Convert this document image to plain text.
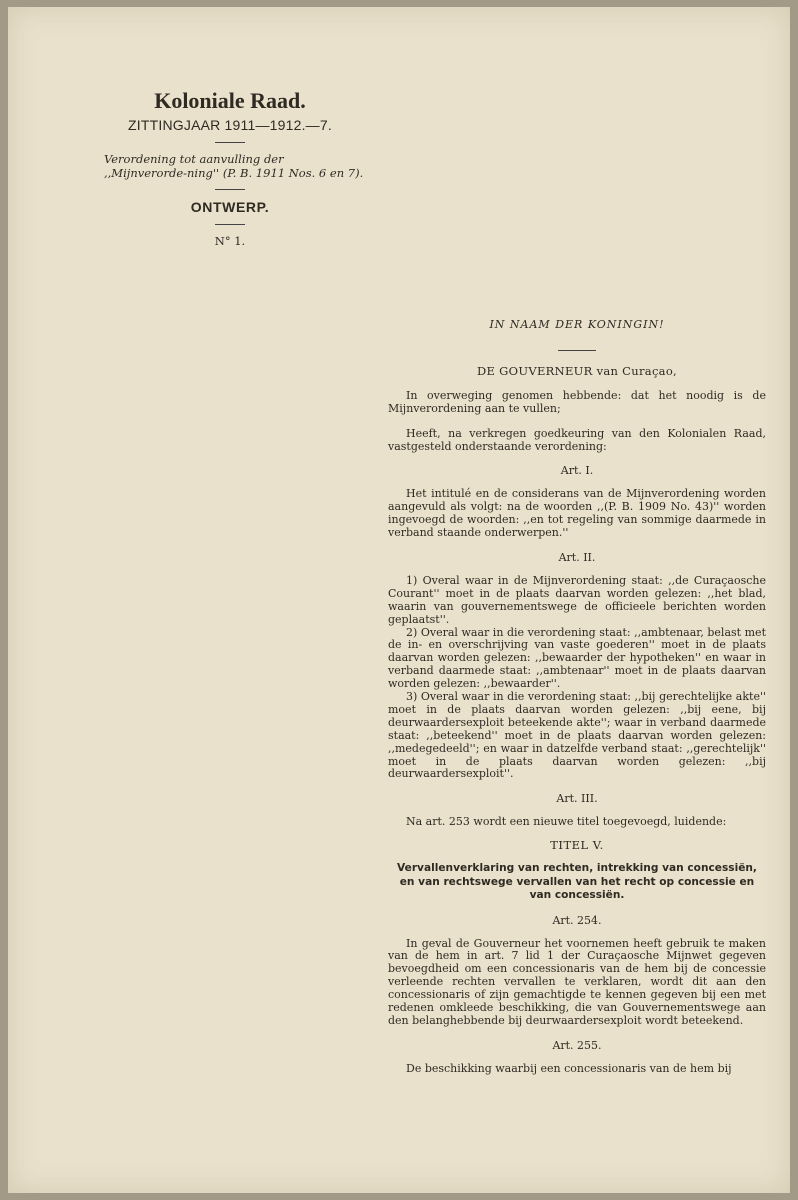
Koloniale Raad.
ZITTINGJAAR 1911—1912.—7.
Verordening tot aanvulling der ,,Mijnverorde-ning'' (P. B. 1911 Nos. 6 en 7).
ONTWERP.
N° 1.
IN NAAM DER KONINGIN!
DE GOUVERNEUR van Curaçao,

In overweging genomen hebbende: dat het noodig is de Mijnverordening aan te vullen;

Heeft, na verkregen goedkeuring van den Kolonialen Raad, vastgesteld onderstaande verordening:

Art. I.

Het intitulé en de considerans van de Mijnverordening worden aangevuld als volgt: na de woorden ,,(P. B. 1909 No. 43)'' worden ingevoegd de woorden: ,,en tot regeling van sommige daarmede in verband staande onderwerpen.''

Art. II.

1) Overal waar in de Mijnverordening staat: ,,de Curaçaosche Courant'' moet in de plaats daarvan worden gelezen: ,,het blad, waarin van gouvernementswege de officieele berichten worden geplaatst''.

2) Overal waar in die verordening staat: ,,ambtenaar, belast met de in- en overschrijving van vaste goederen'' moet in de plaats daarvan worden gelezen: ,,bewaarder der hypotheken'' en waar in verband daarmede staat: ,,ambtenaar'' moet in de plaats daarvan worden gelezen: ,,bewaarder''.

3) Overal waar in die verordening staat: ,,bij gerechtelijke akte'' moet in de plaats daarvan worden gelezen: ,,bij eene, bij deurwaardersexploit beteekende akte''; waar in verband daarmede staat: ,,beteekend'' moet in de plaats daarvan worden gelezen: ,,medegedeeld''; en waar in datzelfde verband staat: ,,gerechtelijk'' moet in de plaats daarvan worden gelezen: ,,bij deurwaardersexploit''.

Art. III.

Na art. 253 wordt een nieuwe titel toegevoegd, luidende:

TITEL V.
Vervallenverklaring van rechten, intrekking van concessiën, en van rechtswege vervallen van het recht op concessie en van concessiën.
Art. 254.

In geval de Gouverneur het voornemen heeft gebruik te maken van de hem in art. 7 lid 1 der Curaçaosche Mijnwet gegeven bevoegdheid om een concessionaris van de hem bij de concessie verleende rechten vervallen te verklaren, wordt dit aan den concessionaris of zijn gemachtigde te kennen gegeven bij een met redenen omkleede beschikking, die van Gouvernementswege aan den belanghebbende bij deurwaardersexploit wordt beteekend.

Art. 255.

De beschikking waarbij een concessionaris van de hem bij
